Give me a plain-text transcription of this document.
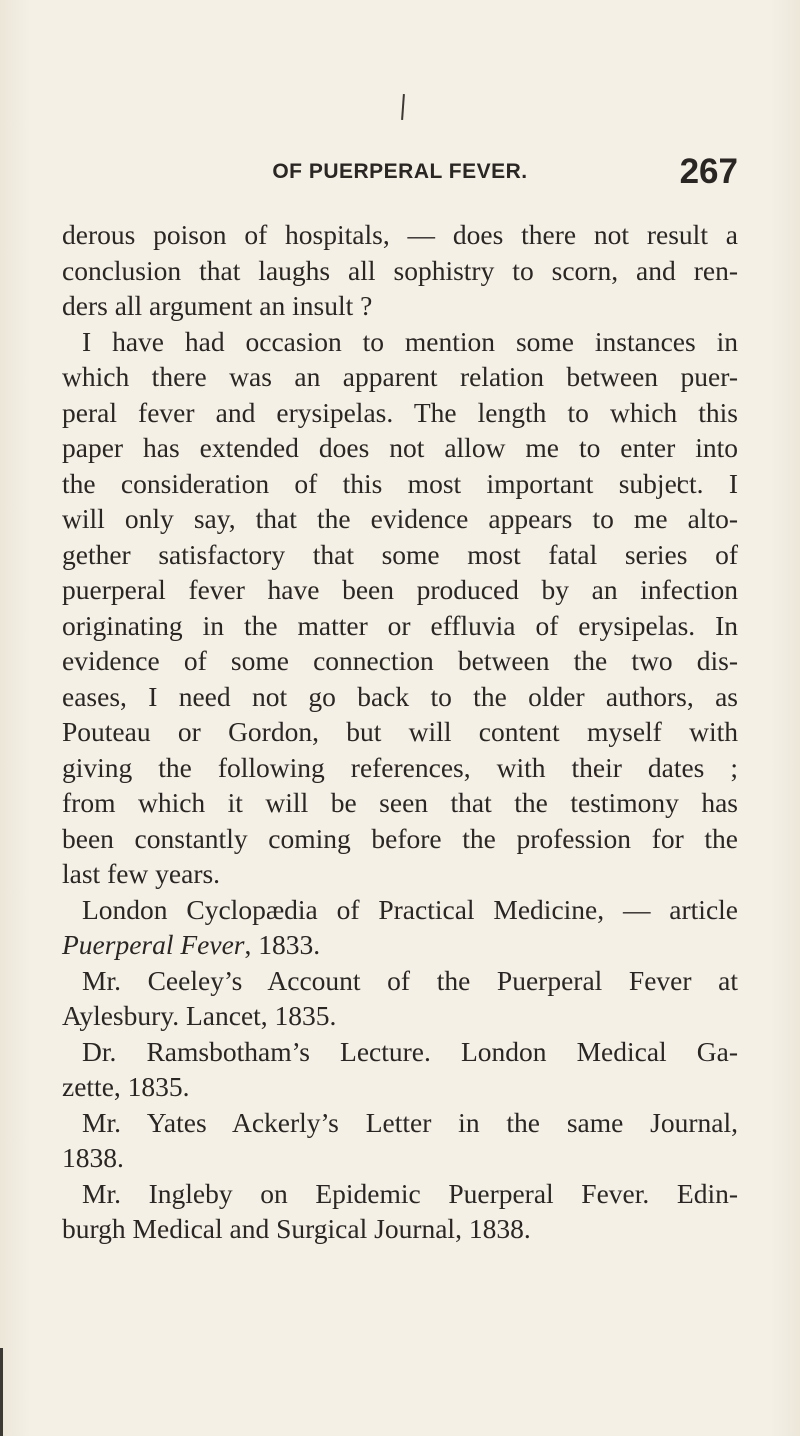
OF PUERPERAL FEVER.	267
derous poison of hospitals, — does there not result a
conclusion that laughs all sophistry to scorn, and ren-
ders all argument an insult ?
I have had occasion to mention some instances in
which there was an apparent relation between puer-
peral fever and erysipelas. The length to which this
paper has extended does not allow me to enter into
the consideration of this most important subject. I
will only say, that the evidence appears to me alto-
gether satisfactory that some most fatal series of
puerperal fever have been produced by an infection
originating in the matter or effluvia of erysipelas. In
evidence of some connection between the two dis-
eases, I need not go back to the older authors, as
Pouteau or Gordon, but will content myself with
giving the following references, with their dates ;
from which it will be seen that the testimony has
been constantly coming before the profession for the
last few years.
London Cyclopædia of Practical Medicine, — article
Puerperal Fever, 1833.
Mr. Ceeley’s Account of the Puerperal Fever at
Aylesbury. Lancet, 1835.
Dr. Ramsbotham’s Lecture. London Medical Ga-
zette, 1835.
Mr. Yates Ackerly’s Letter in the same Journal,
1838.
Mr. Ingleby on Epidemic Puerperal Fever. Edin-
burgh Medical and Surgical Journal, 1838.
